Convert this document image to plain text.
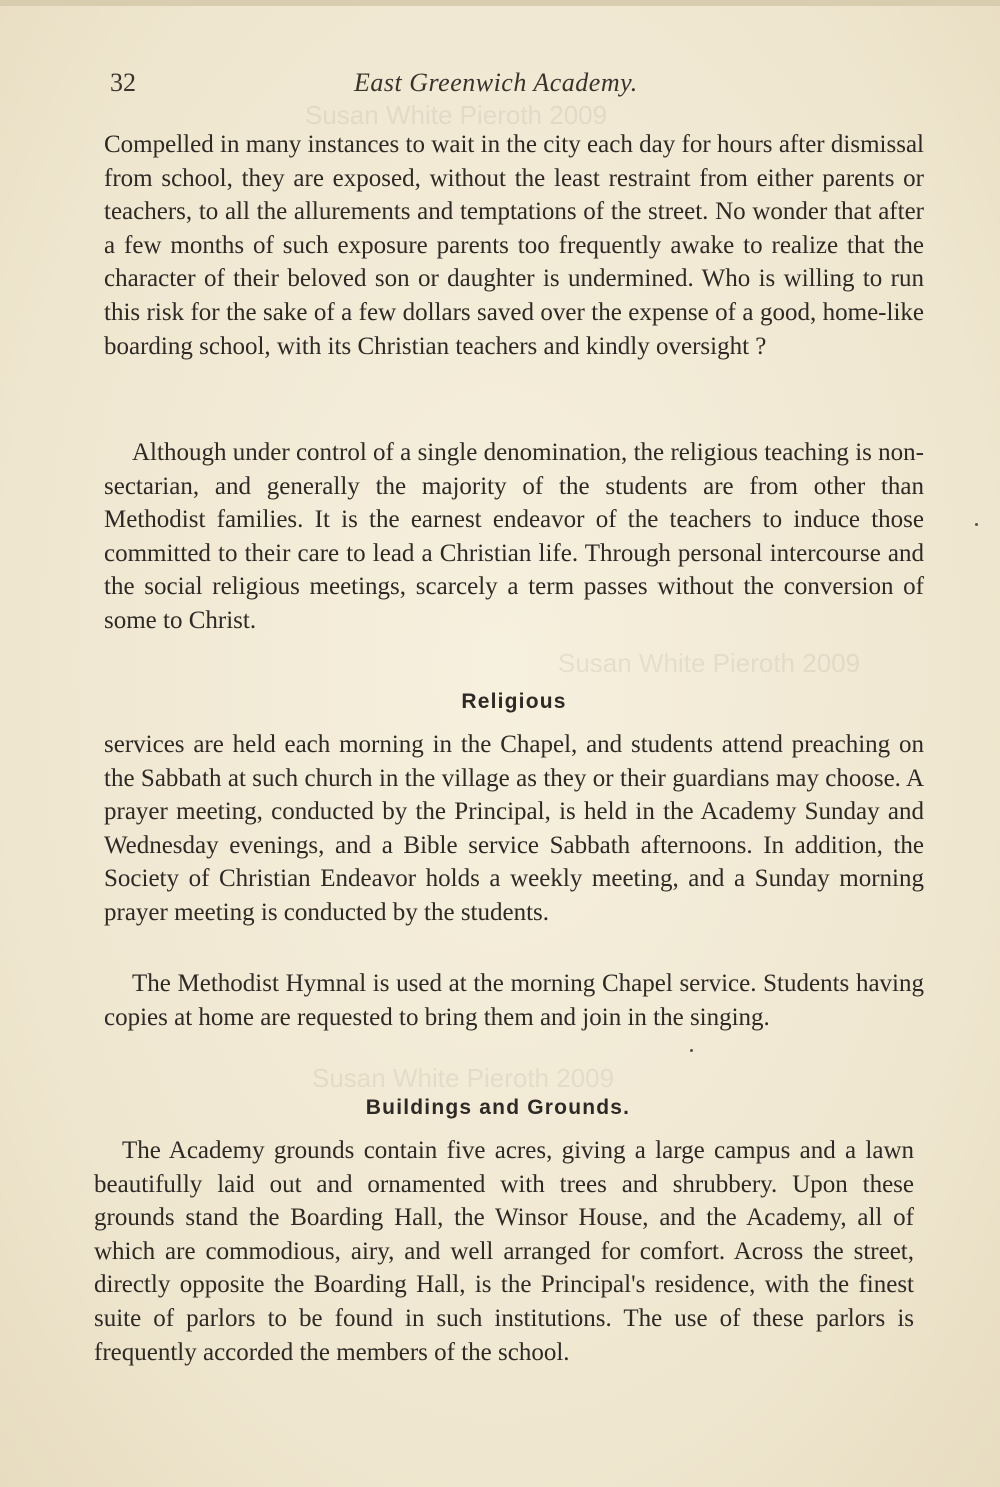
32	East Greenwich Academy.
Susan White Pieroth 2009
Susan White Pieroth 2009
Susan White Pieroth 2009

Compelled in many instances to wait in the city each day for hours after dismissal from school, they are exposed, without the least restraint from either parents or teachers, to all the allurements and temptations of the street. No wonder that after a few months of such exposure parents too frequently awake to realize that the character of their beloved son or daughter is undermined. Who is willing to run this risk for the sake of a few dollars saved over the expense of a good, home-like boarding school, with its Christian teachers and kindly oversight ?

Although under control of a single denomination, the religious teaching is non-sectarian, and generally the majority of the students are from other than Methodist families. It is the earnest endeavor of the teachers to induce those committed to their care to lead a Christian life. Through personal intercourse and the social religious meetings, scarcely a term passes without the conversion of some to Christ.

Religious

services are held each morning in the Chapel, and students attend preaching on the Sabbath at such church in the village as they or their guardians may choose. A prayer meeting, conducted by the Principal, is held in the Academy Sunday and Wednesday evenings, and a Bible service Sabbath afternoons. In addition, the Society of Christian Endeavor holds a weekly meeting, and a Sunday morning prayer meeting is conducted by the students.

The Methodist Hymnal is used at the morning Chapel service. Students having copies at home are requested to bring them and join in the singing.

Buildings and Grounds.

The Academy grounds contain five acres, giving a large campus and a lawn beautifully laid out and ornamented with trees and shrubbery. Upon these grounds stand the Boarding Hall, the Winsor House, and the Academy, all of which are commodious, airy, and well arranged for comfort. Across the street, directly opposite the Boarding Hall, is the Principal's residence, with the finest suite of parlors to be found in such institutions. The use of these parlors is frequently accorded the members of the school.
